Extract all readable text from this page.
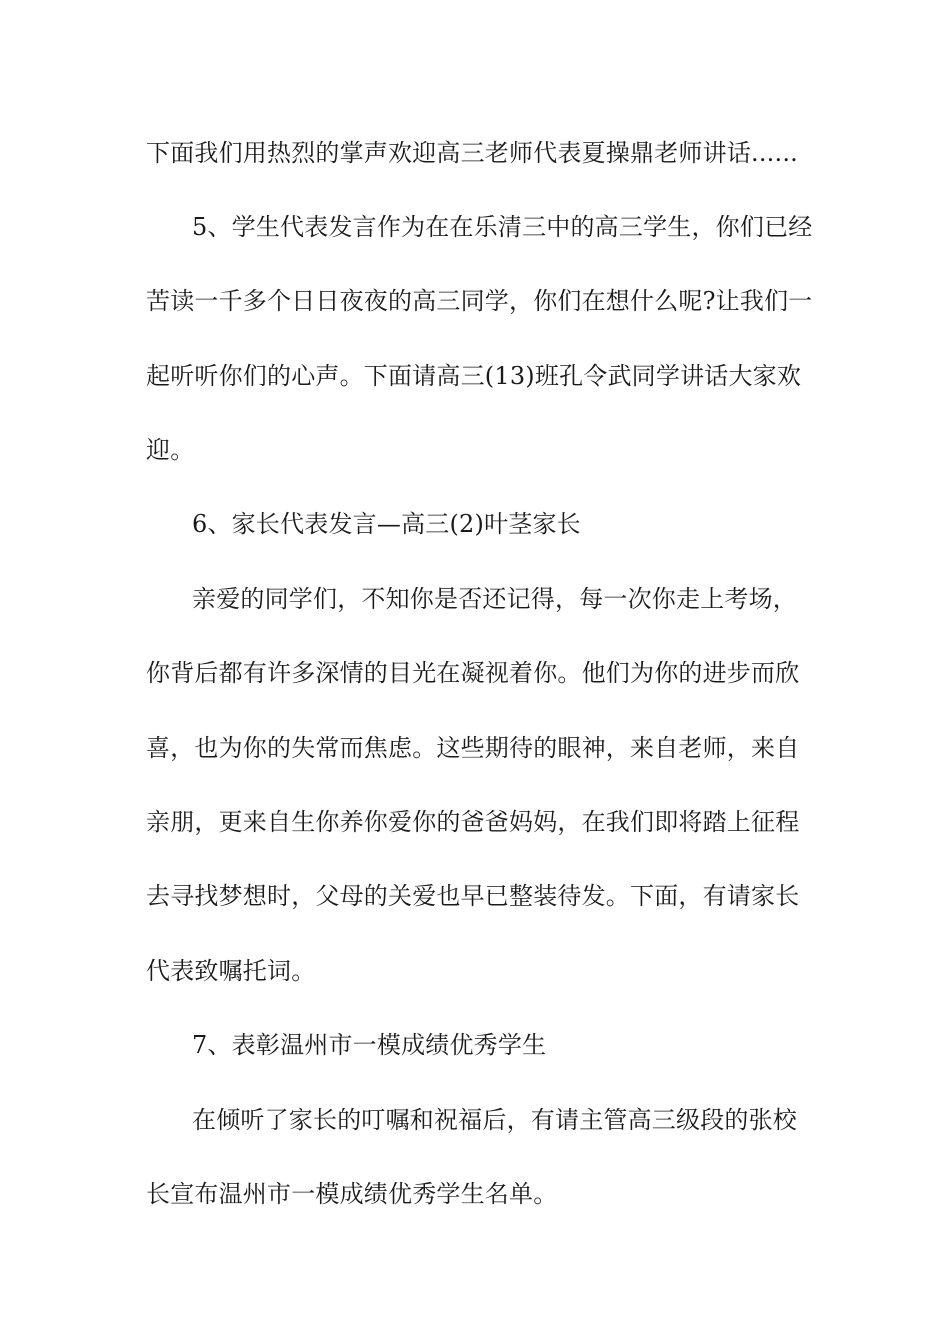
下面我们用热烈的掌声欢迎高三老师代表夏操鼎老师讲话......
5、学生代表发言作为在在乐清三中的高三学生，你们已经
苦读一千多个日日夜夜的高三同学，你们在想什么呢?让我们一
起听听你们的心声。下面请高三(13)班孔令武同学讲话大家欢
迎。
6、家长代表发言—高三(2)叶茎家长
亲爱的同学们，不知你是否还记得，每一次你走上考场，
你背后都有许多深情的目光在凝视着你。他们为你的进步而欣
喜，也为你的失常而焦虑。这些期待的眼神，来自老师，来自
亲朋，更来自生你养你爱你的爸爸妈妈，在我们即将踏上征程
去寻找梦想时，父母的关爱也早已整装待发。下面，有请家长
代表致嘱托词。
7、表彰温州市一模成绩优秀学生
在倾听了家长的叮嘱和祝福后，有请主管高三级段的张校
长宣布温州市一模成绩优秀学生名单。
